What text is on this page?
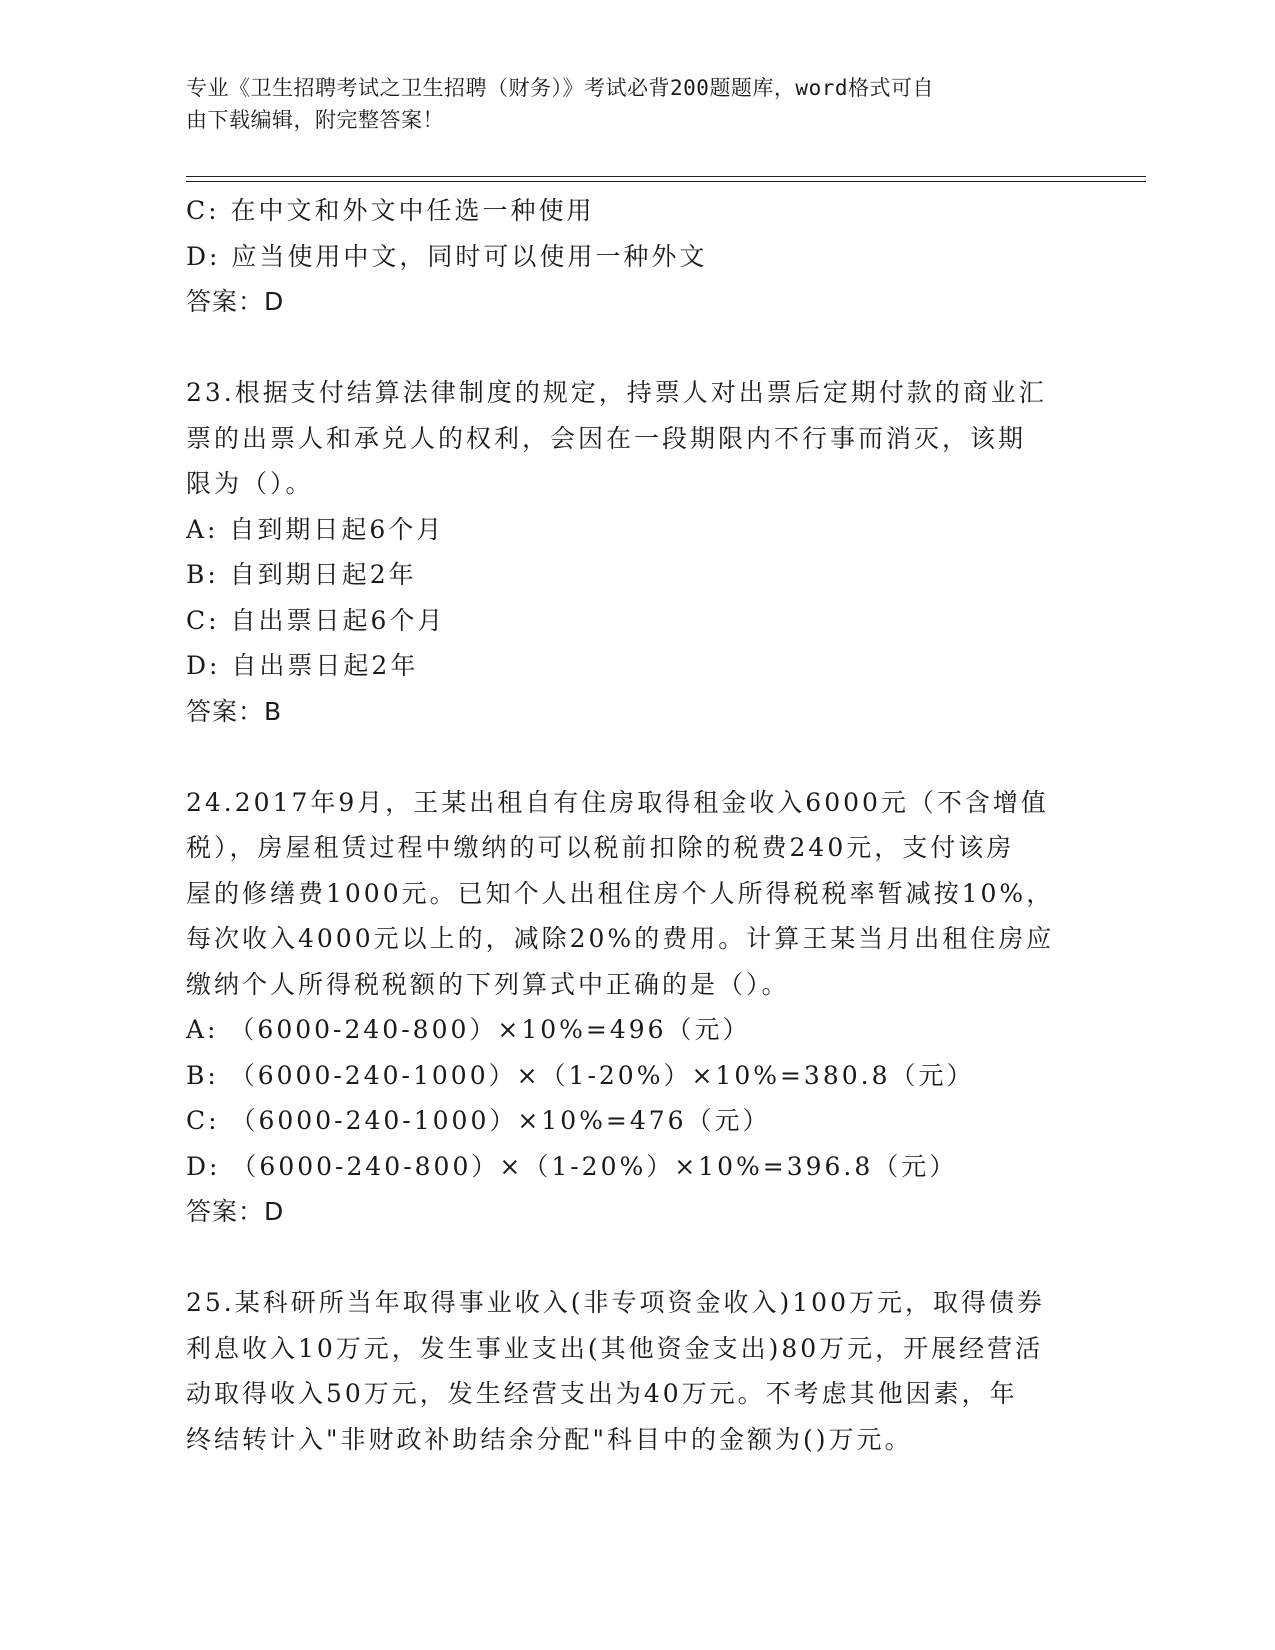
专业《卫生招聘考试之卫生招聘（财务）》考试必背200题题库，word格式可自
由下载编辑，附完整答案！
C: 在中文和外文中任选一种使用
D: 应当使用中文，同时可以使用一种外文
答案：D
23.根据支付结算法律制度的规定，持票人对出票后定期付款的商业汇
票的出票人和承兑人的权利，会因在一段期限内不行事而消灭，该期
限为（）。
A: 自到期日起6个月
B: 自到期日起2年
C: 自出票日起6个月
D: 自出票日起2年
答案：B
24.2017年9月，王某出租自有住房取得租金收入6000元（不含增值
税），房屋租赁过程中缴纳的可以税前扣除的税费240元，支付该房
屋的修缮费1000元。已知个人出租住房个人所得税税率暂减按10%，
每次收入4000元以上的，减除20%的费用。计算王某当月出租住房应
缴纳个人所得税税额的下列算式中正确的是（）。
A: （6000-240-800）×10%=496（元）
B: （6000-240-1000）×（1-20%）×10%=380.8（元）
C: （6000-240-1000）×10%=476（元）
D: （6000-240-800）×（1-20%）×10%=396.8（元）
答案：D
25.某科研所当年取得事业收入(非专项资金收入)100万元，取得债券
利息收入10万元，发生事业支出(其他资金支出)80万元，开展经营活
动取得收入50万元，发生经营支出为40万元。不考虑其他因素，年
终结转计入"非财政补助结余分配"科目中的金额为()万元。
